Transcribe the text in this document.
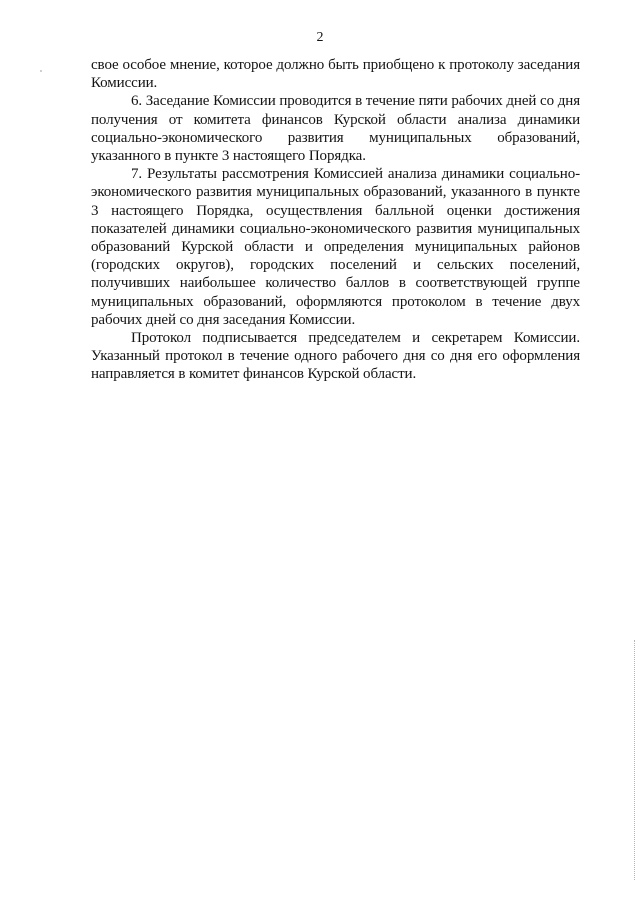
2

свое особое мнение, которое должно быть приобщено к протоколу заседания Комиссии.

6. Заседание Комиссии проводится в течение пяти рабочих дней со дня получения от комитета финансов Курской области анализа динамики социально-экономического развития муниципальных образований, указанного в пункте 3 настоящего Порядка.

7. Результаты рассмотрения Комиссией анализа динамики социально-экономического развития муниципальных образований, указанного в пункте 3 настоящего Порядка, осуществления балльной оценки достижения показателей динамики социально-экономического развития муниципальных образований Курской области и определения муниципальных районов (городских округов), городских поселений и сельских поселений, получивших наибольшее количество баллов в соответствующей группе муниципальных образований, оформляются протоколом в течение двух рабочих дней со дня заседания Комиссии.

Протокол подписывается председателем и секретарем Комиссии. Указанный протокол в течение одного рабочего дня со дня его оформления направляется в комитет финансов Курской области.
